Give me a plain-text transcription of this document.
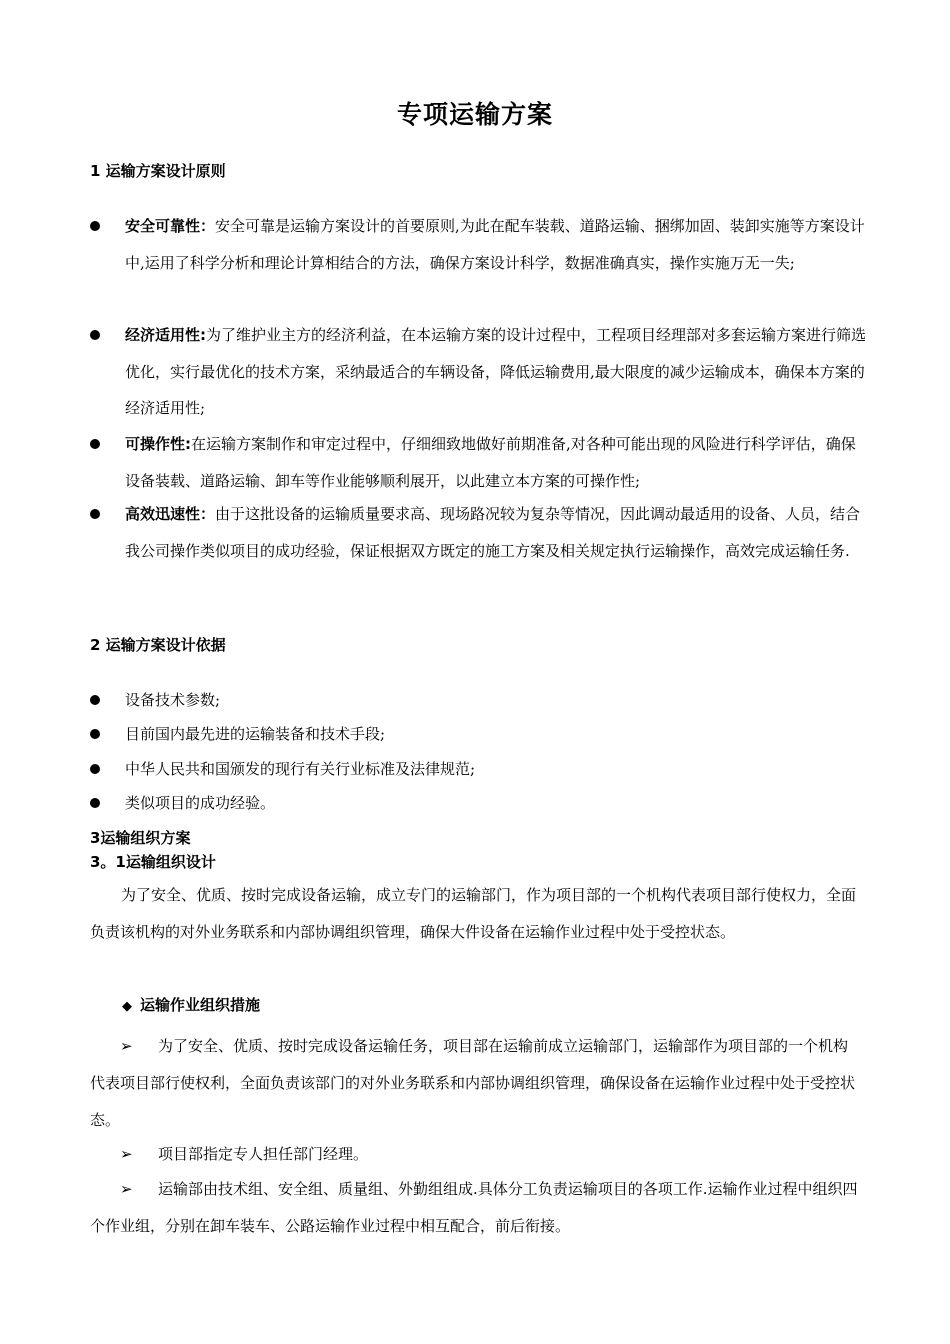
专项运输方案
1 运输方案设计原则
安全可靠性：安全可靠是运输方案设计的首要原则,为此在配车装载、道路运输、捆绑加固、装卸实施等方案设计中,运用了科学分析和理论计算相结合的方法，确保方案设计科学，数据准确真实，操作实施万无一失;
经济适用性:为了维护业主方的经济利益，在本运输方案的设计过程中，工程项目经理部对多套运输方案进行筛选优化，实行最优化的技术方案，采纳最适合的车辆设备，降低运输费用,最大限度的减少运输成本，确保本方案的经济适用性;
可操作性:在运输方案制作和审定过程中，仔细细致地做好前期准备,对各种可能出现的风险进行科学评估，确保设备装载、道路运输、卸车等作业能够顺利展开，以此建立本方案的可操作性;
高效迅速性：由于这批设备的运输质量要求高、现场路况较为复杂等情况，因此调动最适用的设备、人员，结合我公司操作类似项目的成功经验，保证根据双方既定的施工方案及相关规定执行运输操作，高效完成运输任务.
2 运输方案设计依据
设备技术参数;
目前国内最先进的运输装备和技术手段;
中华人民共和国颁发的现行有关行业标准及法律规范;
类似项目的成功经验。
3运输组织方案
3。1运输组织设计
为了安全、优质、按时完成设备运输，成立专门的运输部门，作为项目部的一个机构代表项目部行使权力，全面负责该机构的对外业务联系和内部协调组织管理，确保大件设备在运输作业过程中处于受控状态。
◆ 运输作业组织措施
➢ 为了安全、优质、按时完成设备运输任务，项目部在运输前成立运输部门，运输部作为项目部的一个机构代表项目部行使权利，全面负责该部门的对外业务联系和内部协调组织管理，确保设备在运输作业过程中处于受控状态。
➢ 项目部指定专人担任部门经理。
➢ 运输部由技术组、安全组、质量组、外勤组组成.具体分工负责运输项目的各项工作.运输作业过程中组织四个作业组，分别在卸车装车、公路运输作业过程中相互配合，前后衔接。
